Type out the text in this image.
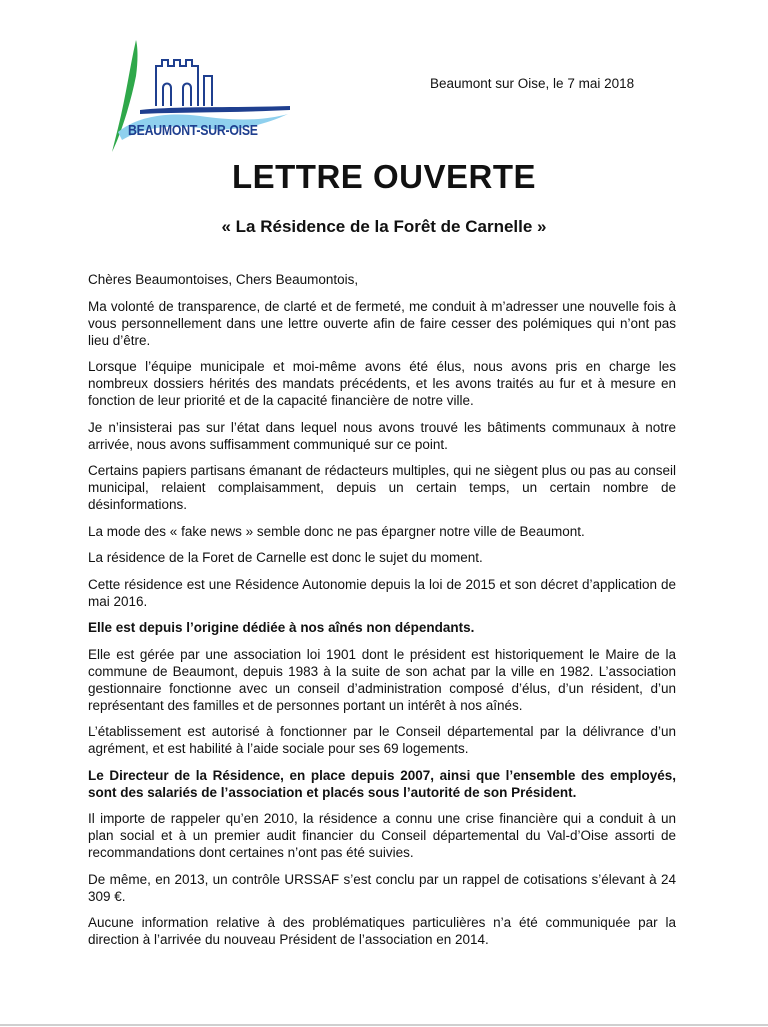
BEAUMONT-SUR-OISE
Beaumont sur Oise, le 7 mai 2018
LETTRE OUVERTE
« La Résidence de la Forêt de Carnelle »

Chères Beaumontoises, Chers Beaumontois,

Ma volonté de transparence, de clarté et de fermeté, me conduit à m’adresser une nouvelle fois à vous personnellement dans une lettre ouverte afin de faire cesser des polémiques qui n’ont pas lieu d’être.

Lorsque l’équipe municipale et moi-même avons été élus, nous avons pris en charge les nombreux dossiers hérités des mandats précédents, et les avons traités au fur et à mesure en fonction de leur priorité et de la capacité financière de notre ville.

Je n’insisterai pas sur l’état dans lequel nous avons trouvé les bâtiments communaux à notre arrivée, nous avons suffisamment communiqué sur ce point.

Certains papiers partisans émanant de rédacteurs multiples, qui ne siègent plus ou pas au conseil municipal, relaient complaisamment, depuis un certain temps, un certain nombre de désinformations.

La mode des « fake news » semble donc ne pas épargner notre ville de Beaumont.

La résidence de la Foret de Carnelle est donc le sujet du moment.

Cette résidence est une Résidence Autonomie depuis la loi de 2015 et son décret d’application de mai 2016.

Elle est depuis l’origine dédiée à nos aînés non dépendants.

Elle est gérée par une association loi 1901 dont le président est historiquement le Maire de la commune de Beaumont, depuis 1983 à la suite de son achat par la ville en 1982. L’association gestionnaire fonctionne avec un conseil d’administration composé d’élus, d’un résident, d’un représentant des familles et de personnes portant un intérêt à nos aînés.

L’établissement est autorisé à fonctionner par le Conseil départemental par la délivrance d’un agrément, et est habilité à l’aide sociale pour ses 69 logements.

Le Directeur de la Résidence, en place depuis 2007, ainsi que l’ensemble des employés, sont des salariés de l’association et placés sous l’autorité de son Président.

Il importe de rappeler qu’en 2010, la résidence a connu une crise financière qui a conduit à un plan social et à un premier audit financier du Conseil départemental du Val-d’Oise assorti de recommandations dont certaines n’ont pas été suivies.

De même, en 2013, un contrôle URSSAF s’est conclu par un rappel de cotisations s’élevant à 24 309 €.

Aucune information relative à des problématiques particulières n’a été communiquée par la direction à l’arrivée du nouveau Président de l’association en 2014.
